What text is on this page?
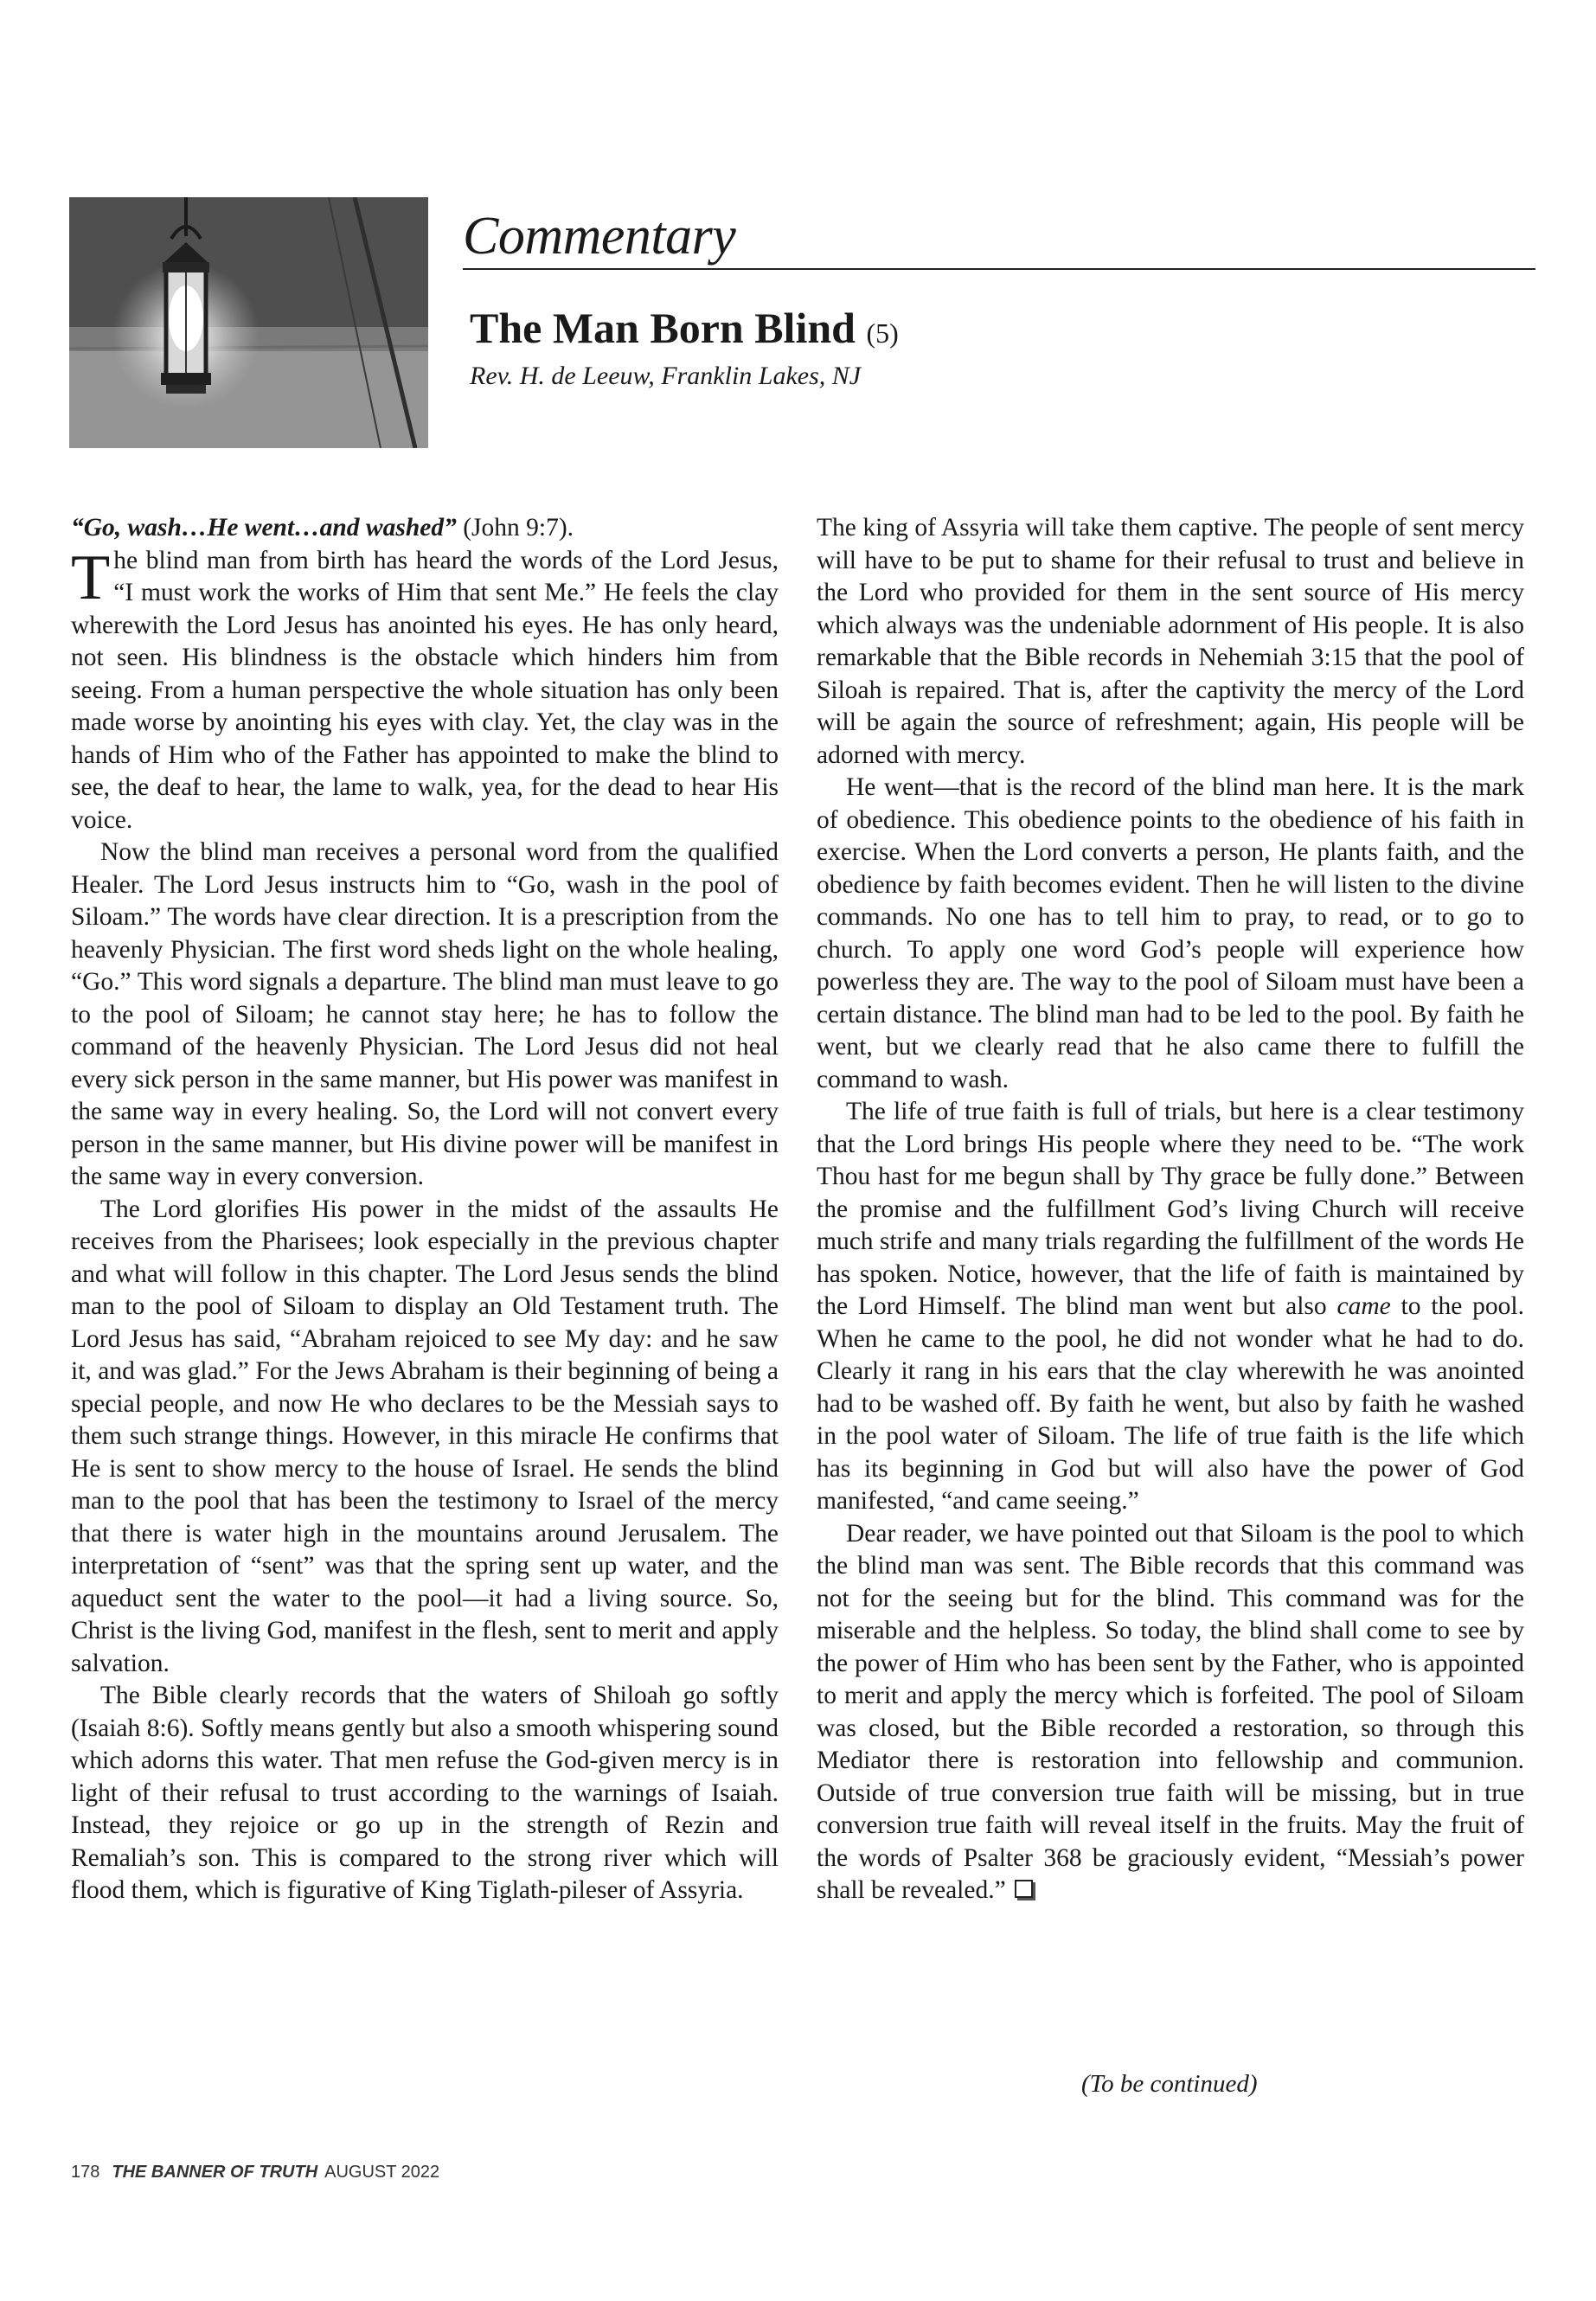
Commentary
The Man Born Blind (5)
Rev. H. de Leeuw, Franklin Lakes, NJ

“Go, wash…He went…and washed” (John 9:7).

The blind man from birth has heard the words of the Lord Jesus, “I must work the works of Him that sent Me.” He feels the clay wherewith the Lord Jesus has anointed his eyes. He has only heard, not seen. His blindness is the obstacle which hinders him from seeing. From a human perspective the whole situation has only been made worse by anointing his eyes with clay. Yet, the clay was in the hands of Him who of the Father has appointed to make the blind to see, the deaf to hear, the lame to walk, yea, for the dead to hear His voice.

Now the blind man receives a personal word from the qualified Healer. The Lord Jesus instructs him to “Go, wash in the pool of Siloam.” The words have clear direction. It is a prescription from the heavenly Physician. The first word sheds light on the whole healing, “Go.” This word signals a departure. The blind man must leave to go to the pool of Siloam; he cannot stay here; he has to follow the command of the heavenly Physician. The Lord Jesus did not heal every sick person in the same manner, but His power was manifest in the same way in every healing. So, the Lord will not convert every person in the same manner, but His divine power will be manifest in the same way in every conversion.

The Lord glorifies His power in the midst of the assaults He receives from the Pharisees; look especially in the previous chapter and what will follow in this chapter. The Lord Jesus sends the blind man to the pool of Siloam to display an Old Testament truth. The Lord Jesus has said, “Abraham rejoiced to see My day: and he saw it, and was glad.” For the Jews Abraham is their beginning of being a special people, and now He who declares to be the Messiah says to them such strange things. However, in this miracle He confirms that He is sent to show mercy to the house of Israel. He sends the blind man to the pool that has been the testimony to Israel of the mercy that there is water high in the mountains around Jerusalem. The interpretation of “sent” was that the spring sent up water, and the aqueduct sent the water to the pool—it had a living source. So, Christ is the living God, manifest in the flesh, sent to merit and apply salvation.

The Bible clearly records that the waters of Shiloah go softly (Isaiah 8:6). Softly means gently but also a smooth whispering sound which adorns this water. That men refuse the God-given mercy is in light of their refusal to trust according to the warnings of Isaiah. Instead, they rejoice or go up in the strength of Rezin and Remaliah’s son. This is compared to the strong river which will flood them, which is figurative of King Tiglath-pileser of Assyria.

The king of Assyria will take them captive. The people of sent mercy will have to be put to shame for their refusal to trust and believe in the Lord who provided for them in the sent source of His mercy which always was the undeniable adornment of His people. It is also remarkable that the Bible records in Nehemiah 3:15 that the pool of Siloah is repaired. That is, after the captivity the mercy of the Lord will be again the source of refreshment; again, His people will be adorned with mercy.

He went—that is the record of the blind man here. It is the mark of obedience. This obedience points to the obedience of his faith in exercise. When the Lord converts a person, He plants faith, and the obedience by faith becomes evident. Then he will listen to the divine commands. No one has to tell him to pray, to read, or to go to church. To apply one word God’s people will experience how powerless they are. The way to the pool of Siloam must have been a certain distance. The blind man had to be led to the pool. By faith he went, but we clearly read that he also came there to fulfill the command to wash.

The life of true faith is full of trials, but here is a clear testimony that the Lord brings His people where they need to be. “The work Thou hast for me begun shall by Thy grace be fully done.” Between the promise and the fulfillment God’s living Church will receive much strife and many trials regarding the fulfillment of the words He has spoken. Notice, however, that the life of faith is maintained by the Lord Himself. The blind man went but also came to the pool. When he came to the pool, he did not wonder what he had to do. Clearly it rang in his ears that the clay wherewith he was anointed had to be washed off. By faith he went, but also by faith he washed in the pool water of Siloam. The life of true faith is the life which has its beginning in God but will also have the power of God manifested, “and came seeing.”

Dear reader, we have pointed out that Siloam is the pool to which the blind man was sent. The Bible records that this command was not for the seeing but for the blind. This command was for the miserable and the helpless. So today, the blind shall come to see by the power of Him who has been sent by the Father, who is appointed to merit and apply the mercy which is forfeited. The pool of Siloam was closed, but the Bible recorded a restoration, so through this Mediator there is restoration into fellowship and communion. Outside of true conversion true faith will be missing, but in true conversion true faith will reveal itself in the fruits. May the fruit of the words of Psalter 368 be graciously evident, “Messiah’s power shall be revealed.”

(To be continued)
178 THE BANNER OF TRUTH AUGUST 2022
